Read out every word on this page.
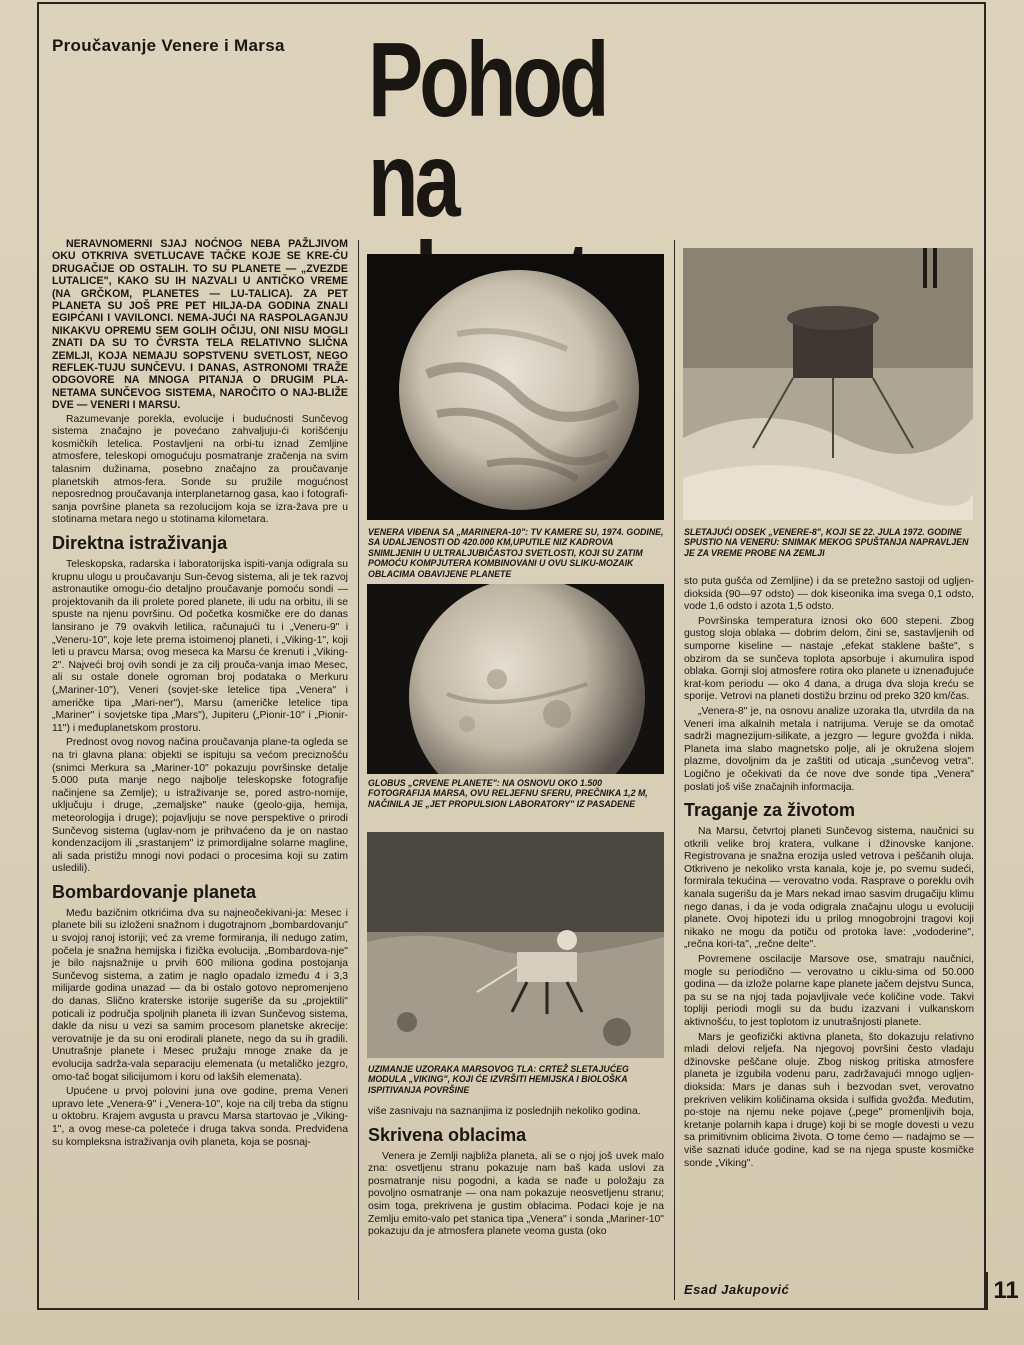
Proučavanje Venere i Marsa Pohod
na

NERAVNOMERNI SJAJ NOĆNOG NEBA PAŽLJIVOM OKU OTKRIVA SVETLUCAVE TAČKE KOJE SE KRE-ĆU DRUGAČIJE OD OSTALIH. TO SU PLANETE — „ZVEZDE LUTALICE", KAKO SU IH NAZVALI U ANTIČKO VREME (NA GRČKOM, PLANETES — LU-TALICA). ZA PET PLANETA SU JOŠ PRE PET HILJA-DA GODINA ZNALI EGIPĆANI I VAVILONCI. NEMA-JUĆI NA RASPOLAGANJU NIKAKVU OPREMU SEM GOLIH OČIJU, ONI NISU MOGLI ZNATI DA SU TO ČVRSTA TELA RELATIVNO SLIČNA ZEMLJI, KOJA NEMAJU SOPSTVENU SVETLOST, NEGO REFLEK-TUJU SUNČEVU. I DANAS, ASTRONOMI TRAŽE ODGOVORE NA MNOGA PITANJA O DRUGIM PLA-NETAMA SUNČEVOG SISTEMA, NAROČITO O NAJ-BLIŽE DVE — VENERI I MARSU.

Razumevanje porekla, evolucije i budućnosti Sunčevog sistema značajno je povećano zahvaljuju-ći korišćenju kosmičkih letelica. Postavljeni na orbi-tu iznad Zemljine atmosfere, teleskopi omogućuju posmatranje zračenja na svim talasnim dužinama, posebno značajno za proučavanje planetskih atmos-fera. Sonde su pružile mogućnost neposrednog proučavanja interplanetarnog gasa, kao i fotografi-sanja površine planeta sa rezolucijom koja se izra-žava pre u stotinama metara nego u stotinama kilometara.

Direktna istraživanja

Teleskopska, radarska i laboratorijska ispiti-vanja odigrala su krupnu ulogu u proučavanju Sun-čevog sistema, ali je tek razvoj astronautike omogu-ćio detaljno proučavanje pomoću sondi — projektovanih da ili prolete pored planete, ili udu na orbitu, ili se spuste na njenu površinu. Od početka kosmičke ere do danas lansirano je 79 ovakvih letilica, računajući tu i „Veneru-9" i „Veneru-10", koje lete prema istoimenoj planeti, i „Viking-1", koji leti u pravcu Marsa; ovog meseca ka Marsu će krenuti i „Viking-2". Najveći broj ovih sondi je za cilj prouča-vanja imao Mesec, ali su ostale donele ogroman broj podataka o Merkuru („Mariner-10"), Veneri (sovjet-ske letelice tipa „Venera" i američke tipa „Mari-ner"), Marsu (američke letelice tipa „Mariner" i sovjetske tipa „Mars"), Jupiteru („Pionir-10" i „Pionir-11") i međuplanetskom prostoru.

Prednost ovog novog načina proučavanja plane-ta ogleda se na tri glavna plana: objekti se ispituju sa većom preciznošću (snimci Merkura sa „Mariner-10" pokazuju površinske detalje 5.000 puta manje nego najbolje teleskopske fotografije načinjene sa Zemlje); u istraživanje se, pored astro-nomije, uključuju i druge, „zemaljske" nauke (geolo-gija, hemija, meteorologija i druge); pojavljuju se nove perspektive o prirodi Sunčevog sistema (uglav-nom je prihvaćeno da je on nastao kondenzacijom ili „srastanjem" iz primordijalne solarne magline, ali sada pristižu mnogi novi podaci o procesima koji su zatim usledili).

Bombardovanje planeta

Među bazičnim otkrićima dva su najneočekivani-ja: Mesec i planete bili su izloženi snažnom i dugotrajnom „bombardovanju" u svojoj ranoj istoriji; već za vreme formiranja, ili nedugo zatim, počela je snažna hemijska i fizička evolucija. „Bombardova-nje" je bilo najsnažnije u prvih 600 miliona godina postojanja Sunčevog sistema, a zatim je naglo opadalo između 4 i 3,3 milijarde godina unazad — da bi ostalo gotovo nepromenjeno do danas. Slično kraterske istorije sugeriše da su „projektili" poticali iz područja spoljnih planeta ili izvan Sunčevog sistema, dakle da nisu u vezi sa samim procesom planetske akrecije: verovatnije je da su oni erodirali planete, nego da su ih gradili. Unutrašnje planete i Mesec pružaju mnoge znake da je evolucija sadrža-vala separaciju elemenata (u metaličko jezgro, omo-tač bogat silicijumom i koru od lakših elemenata).

Upućene u prvoj polovini juna ove godine, prema Veneri upravo lete „Venera-9" i „Venera-10", koje na cilj treba da stignu u oktobru. Krajem avgusta u pravcu Marsa startovao je „Viking-1", a ovog mese-ca poleteće i druga takva sonda. Predviđena su kompleksna istraživanja ovih planeta, koja se posnaj-

VENERA VIĐENA SA „MARINERA-10": TV KAMERE SU, 1974. GODINE, SA UDALJENOSTI OD 420.000 KM,UPUTILE NIZ KADROVA SNIMLJENIH U ULTRALJUBIČASTOJ SVETLOSTI, KOJI SU ZATIM POMOĆU KOMPJUTERA KOMBINOVANI U OVU SLIKU-MOZAIK OBLACIMA OBAVIJENE PLANETE
GLOBUS „CRVENE PLANETE": NA OSNOVU OKO 1.500 FOTOGRAFIJA MARSA, OVU RELJEFNU SFERU, PREČNIKA 1,2 M, NAČINILA JE „JET PROPULSION LABORATORY" IZ PASADENE
UZIMANJE UZORAKA MARSOVOG TLA: CRTEŽ SLETAJUĆEG MODULA „VIKING", KOJI ĆE IZVRŠITI HEMIJSKA I BIOLOŠKA ISPITIVANJA POVRŠINE

više zasnivaju na saznanjima iz poslednjih nekoliko godina.

Skrivena oblacima

Venera je Zemlji najbliža planeta, ali se o njoj još uvek malo zna: osvetljenu stranu pokazuje nam baš kada uslovi za posmatranje nisu pogodni, a kada se nađe u položaju za povoljno osmatranje — ona nam pokazuje neosvetljenu stranu; osim toga, prekrivena je gustim oblacima. Podaci koje je na Zemlju emito-valo pet stanica tipa „Venera" i sonda „Mariner-10" pokazuju da je atmosfera planete veoma gusta (oko

SLETAJUĆI ODSEK „VENERE-8", KOJI SE 22. JULA 1972. GODINE SPUSTIO NA VENERU: SNIMAK MEKOG SPUŠTANJA NAPRAVLJEN JE ZA VREME PROBE NA ZEMLJI

sto puta gušća od Zemljine) i da se pretežno sastoji od ugljen-dioksida (90—97 odsto) — dok kiseonika ima svega 0,1 odsto, vode 1,6 odsto i azota 1,5 odsto.

Površinska temperatura iznosi oko 600 stepeni. Zbog gustog sloja oblaka — dobrim delom, čini se, sastavljenih od sumporne kiseline — nastaje „efekat staklene bašte", s obzirom da se sunčeva toplota apsorbuje i akumulira ispod oblaka. Gornji sloj atmosfere rotira oko planete u iznenađujuće krat-kom periodu — oko 4 dana, a druga dva sloja kreću se sporije. Vetrovi na planeti dostižu brzinu od preko 320 km/čas.

„Venera-8" je, na osnovu analize uzoraka tla, utvrdila da na Veneri ima alkalnih metala i natrijuma. Veruje se da omotač sadrži magnezijum-silikate, a jezgro — legure gvožđa i nikla. Planeta ima slabo magnetsko polje, ali je okružena slojem plazme, dovoljnim da je zaštiti od uticaja „sunčevog vetra". Logično je očekivati da će nove dve sonde tipa „Venera" poslati još više značajnih informacija.

Traganje za životom

Na Marsu, četvrtoj planeti Sunčevog sistema, naučnici su otkrili velike broj kratera, vulkane i džinovske kanjone. Registrovana je snažna erozija usled vetrova i peščanih oluja. Otkriveno je nekoliko vrsta kanala, koje je, po svemu sudeći, formirala tekućina — verovatno voda. Rasprave o poreklu ovih kanala sugerišu da je Mars nekad imao sasvim drugačiju klimu nego danas, i da je voda odigrala značajnu ulogu u evoluciji planete. Ovoj hipotezi idu u prilog mnogobrojni tragovi koji nikako ne mogu da potiču od protoka lave: „vododerine", „rečna kori-ta", „rečne delte".

Povremene oscilacije Marsove ose, smatraju naučnici, mogle su periodično — verovatno u ciklu-sima od 50.000 godina — da izlože polarne kape planete jačem dejstvu Sunca, pa su se na njoj tada pojavljivale veće količine vode. Takvi topliji periodi mogli su da budu izazvani i vulkanskom aktivnošću, to jest toplotom iz unutrašnjosti planete.

Mars je geofizički aktivna planeta, što dokazuju relativno mladi delovi reljefa. Na njegovoj površini često vladaju džinovske peščane oluje. Zbog niskog pritiska atmosfere planeta je izgubila vodenu paru, zadržavajući mnogo ugljen-dioksida: Mars je danas suh i bezvodan svet, verovatno prekriven velikim količinama oksida i sulfida gvožđa. Međutim, po-stoje na njemu neke pojave („pege" promenljivih boja, kretanje polarnih kapa i druge) koji bi se mogle dovesti u vezu sa primitivnim oblicima života. O tome ćemo — nadajmo se — više saznati iduće godine, kad se na njega spuste kosmičke sonde „Viking".

Esad Jakupović	11
